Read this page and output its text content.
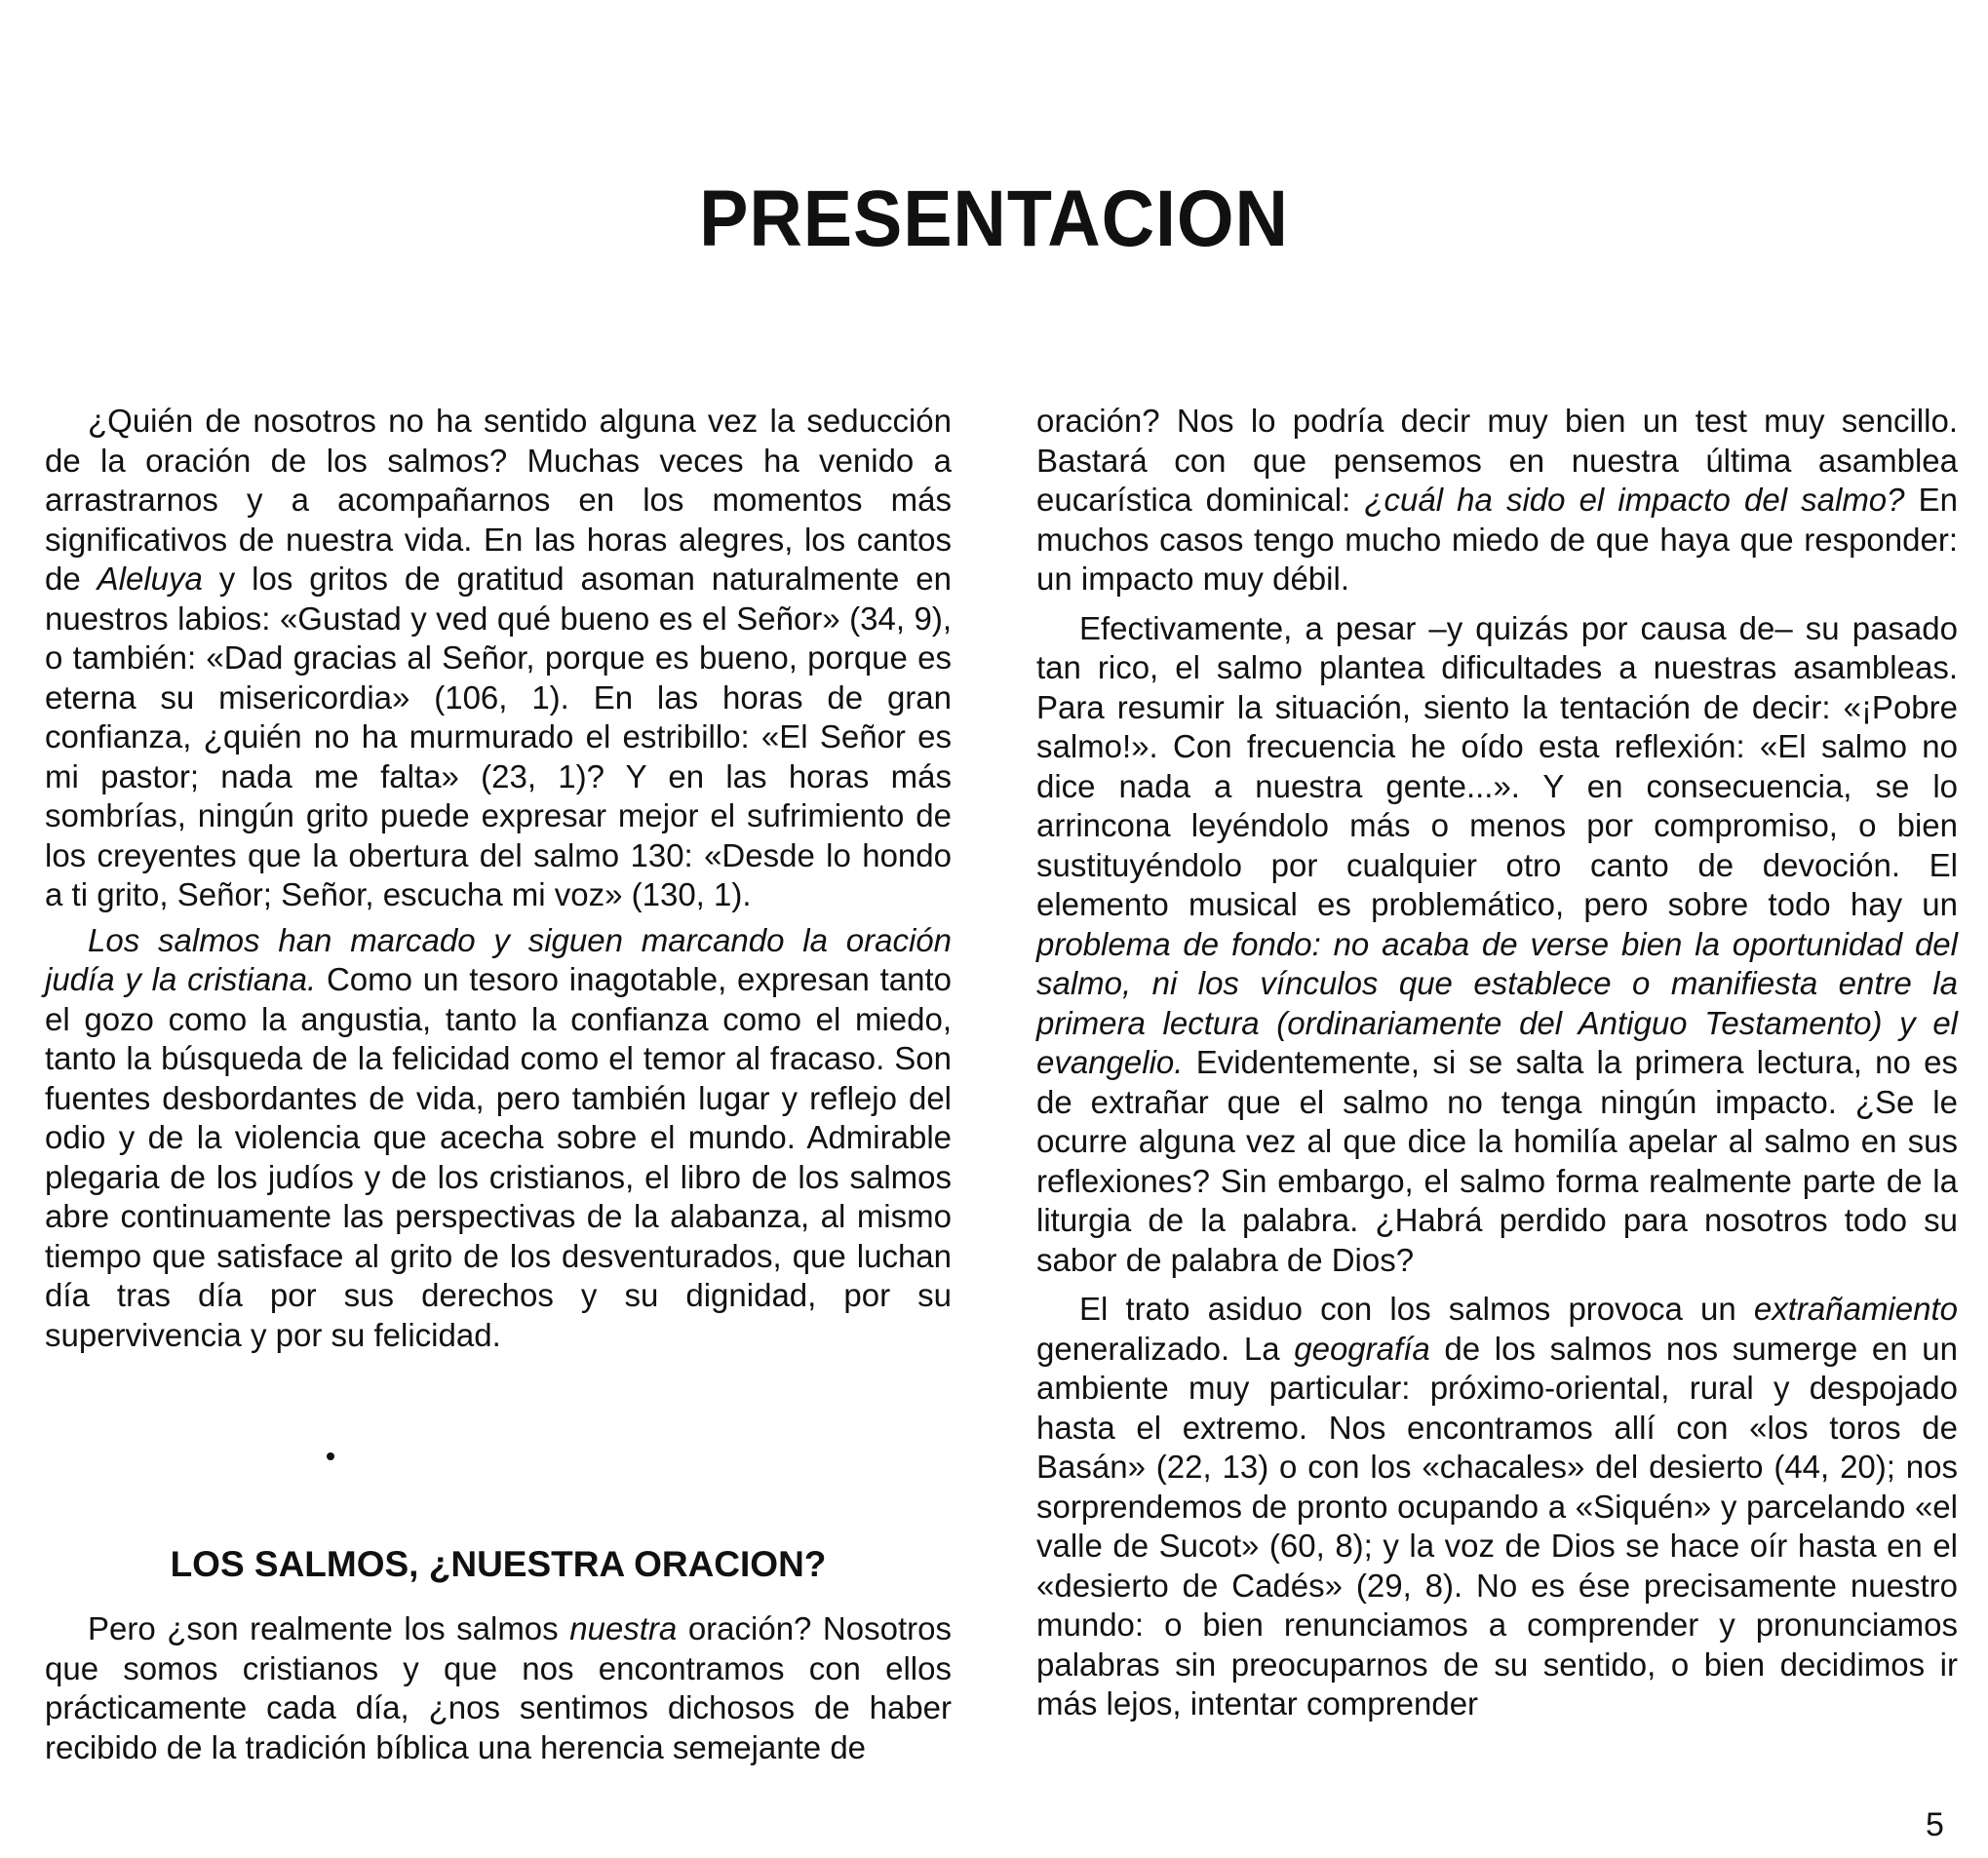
PRESENTACION

¿Quién de nosotros no ha sentido alguna vez la seducción de la oración de los salmos? Muchas veces ha venido a arrastrarnos y a acompañarnos en los momentos más significativos de nuestra vida. En las horas alegres, los cantos de Aleluya y los gritos de gratitud asoman naturalmente en nuestros labios: «Gustad y ved qué bueno es el Señor» (34, 9), o también: «Dad gracias al Señor, porque es bueno, porque es eterna su misericordia» (106, 1). En las horas de gran confianza, ¿quién no ha murmurado el estribillo: «El Señor es mi pastor; nada me falta» (23, 1)? Y en las horas más sombrías, ningún grito puede expresar mejor el sufrimiento de los creyentes que la obertura del salmo 130: «Desde lo hondo a ti grito, Señor; Señor, escucha mi voz» (130, 1).

Los salmos han marcado y siguen marcando la oración judía y la cristiana. Como un tesoro inagotable, expresan tanto el gozo como la angustia, tanto la confianza como el miedo, tanto la búsqueda de la felicidad como el temor al fracaso. Son fuentes desbordantes de vida, pero también lugar y reflejo del odio y de la violencia que acecha sobre el mundo. Admirable plegaria de los judíos y de los cristianos, el libro de los salmos abre continuamente las perspectivas de la alabanza, al mismo tiempo que satisface al grito de los desventurados, que luchan día tras día por sus derechos y su dignidad, por su supervivencia y por su felicidad.

LOS SALMOS, ¿NUESTRA ORACION?

Pero ¿son realmente los salmos nuestra oración? Nosotros que somos cristianos y que nos encontramos con ellos prácticamente cada día, ¿nos sentimos dichosos de haber recibido de la tradición bíblica una herencia semejante de

oración? Nos lo podría decir muy bien un test muy sencillo. Bastará con que pensemos en nuestra última asamblea eucarística dominical: ¿cuál ha sido el impacto del salmo? En muchos casos tengo mucho miedo de que haya que responder: un impacto muy débil.

Efectivamente, a pesar –y quizás por causa de– su pasado tan rico, el salmo plantea dificultades a nuestras asambleas. Para resumir la situación, siento la tentación de decir: «¡Pobre salmo!». Con frecuencia he oído esta reflexión: «El salmo no dice nada a nuestra gente...». Y en consecuencia, se lo arrincona leyéndolo más o menos por compromiso, o bien sustituyéndolo por cualquier otro canto de devoción. El elemento musical es problemático, pero sobre todo hay un problema de fondo: no acaba de verse bien la oportunidad del salmo, ni los vínculos que establece o manifiesta entre la primera lectura (ordinariamente del Antiguo Testamento) y el evangelio. Evidentemente, si se salta la primera lectura, no es de extrañar que el salmo no tenga ningún impacto. ¿Se le ocurre alguna vez al que dice la homilía apelar al salmo en sus reflexiones? Sin embargo, el salmo forma realmente parte de la liturgia de la palabra. ¿Habrá perdido para nosotros todo su sabor de palabra de Dios?

El trato asiduo con los salmos provoca un extrañamiento generalizado. La geografía de los salmos nos sumerge en un ambiente muy particular: próximo-oriental, rural y despojado hasta el extremo. Nos encontramos allí con «los toros de Basán» (22, 13) o con los «chacales» del desierto (44, 20); nos sorprendemos de pronto ocupando a «Siquén» y parcelando «el valle de Sucot» (60, 8); y la voz de Dios se hace oír hasta en el «desierto de Cadés» (29, 8). No es ése precisamente nuestro mundo: o bien renunciamos a comprender y pronunciamos palabras sin preocuparnos de su sentido, o bien decidimos ir más lejos, intentar comprender

5
